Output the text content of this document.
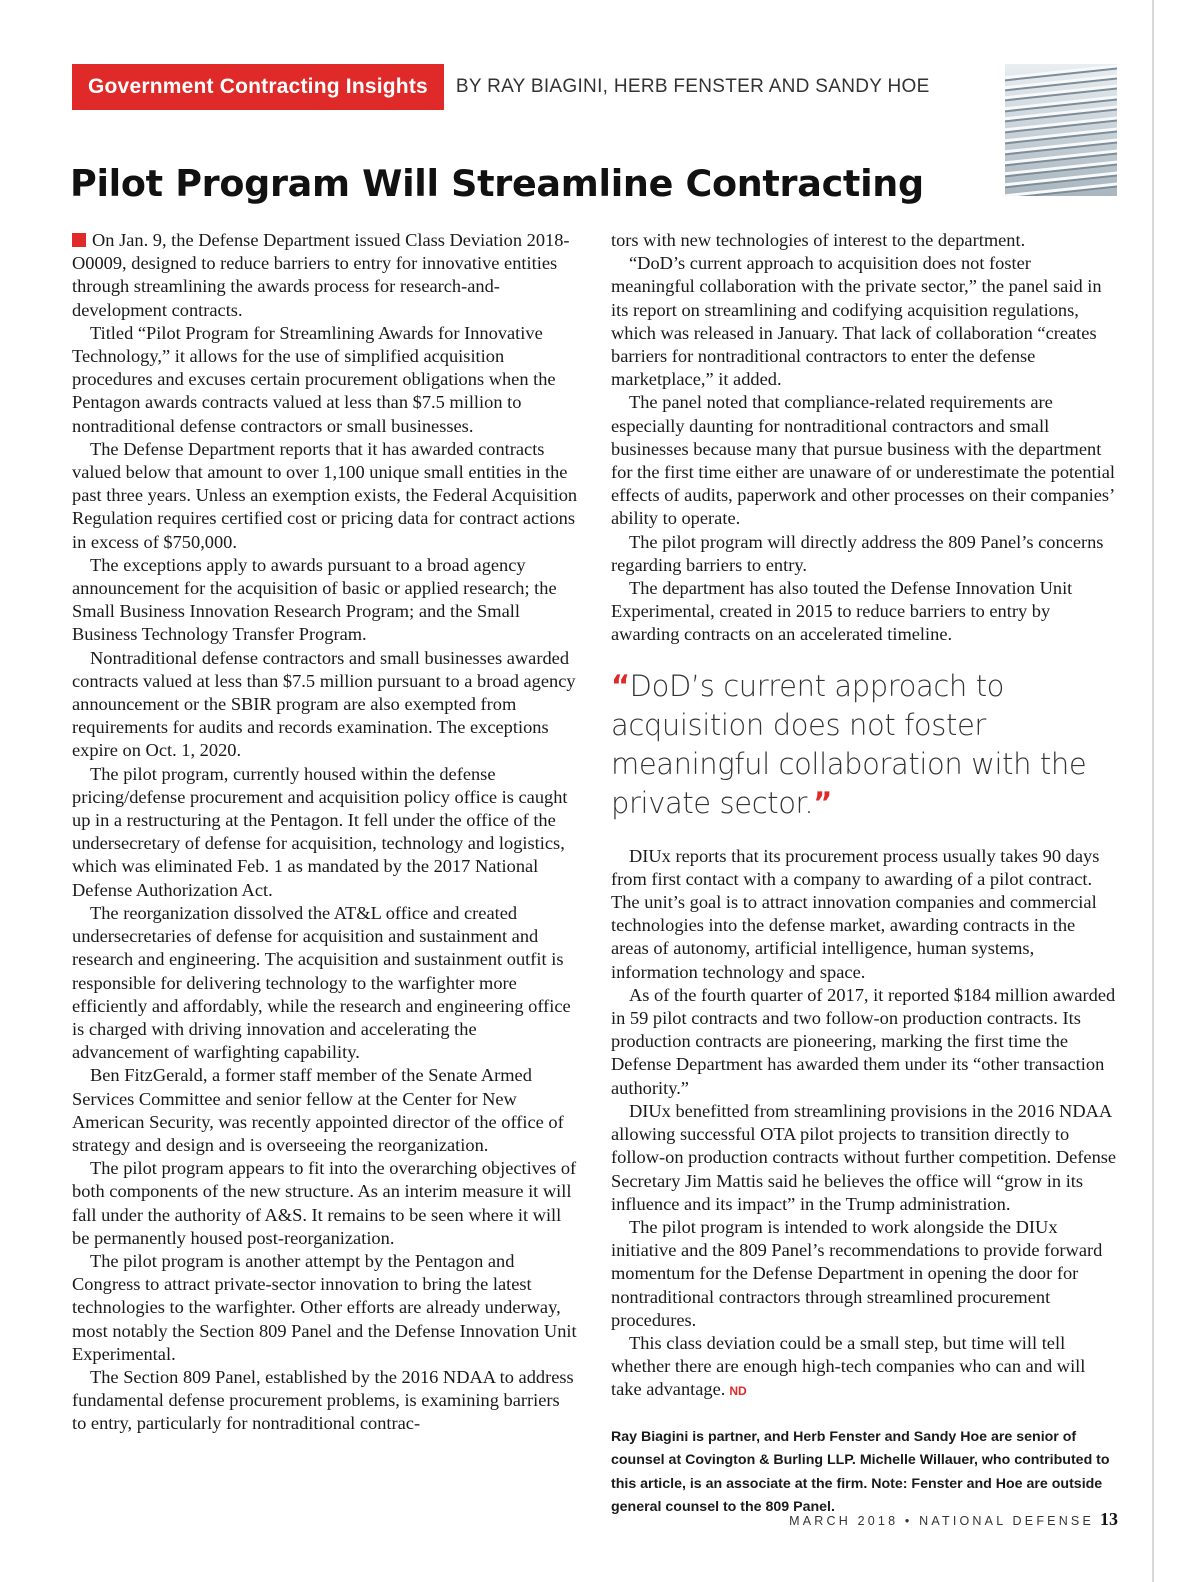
Government Contracting Insights	BY RAY BIAGINI, HERB FENSTER AND SANDY HOE
Pilot Program Will Streamline Contracting

On Jan. 9, the Defense Department issued Class Deviation 2018-O0009, designed to reduce barriers to entry for innovative entities through streamlining the awards process for research-and-development contracts.

Titled “Pilot Program for Streamlining Awards for Innovative Technology,” it allows for the use of simplified acquisition procedures and excuses certain procurement obligations when the Pentagon awards contracts valued at less than $7.5 million to nontraditional defense contractors or small businesses.

The Defense Department reports that it has awarded contracts valued below that amount to over 1,100 unique small entities in the past three years. Unless an exemption exists, the Federal Acquisition Regulation requires certified cost or pricing data for contract actions in excess of $750,000.

The exceptions apply to awards pursuant to a broad agency announcement for the acquisition of basic or applied research; the Small Business Innovation Research Program; and the Small Business Technology Transfer Program.

Nontraditional defense contractors and small businesses awarded contracts valued at less than $7.5 million pursuant to a broad agency announcement or the SBIR program are also exempted from requirements for audits and records examination. The exceptions expire on Oct. 1, 2020.

The pilot program, currently housed within the defense pricing/defense procurement and acquisition policy office is caught up in a restructuring at the Pentagon. It fell under the office of the undersecretary of defense for acquisition, technology and logistics, which was eliminated Feb. 1 as mandated by the 2017 National Defense Authorization Act.

The reorganization dissolved the AT&L office and created undersecretaries of defense for acquisition and sustainment and research and engineering. The acquisition and sustainment outfit is responsible for delivering technology to the warfighter more efficiently and affordably, while the research and engineering office is charged with driving innovation and accelerating the advancement of warfighting capability.

Ben FitzGerald, a former staff member of the Senate Armed Services Committee and senior fellow at the Center for New American Security, was recently appointed director of the office of strategy and design and is overseeing the reorganization.

The pilot program appears to fit into the overarching objectives of both components of the new structure. As an interim measure it will fall under the authority of A&S. It remains to be seen where it will be permanently housed post-reorganization.

The pilot program is another attempt by the Pentagon and Congress to attract private-sector innovation to bring the latest technologies to the warfighter. Other efforts are already underway, most notably the Section 809 Panel and the Defense Innovation Unit Experimental.

The Section 809 Panel, established by the 2016 NDAA to address fundamental defense procurement problems, is examining barriers to entry, particularly for nontraditional contrac-

tors with new technologies of interest to the department.

“DoD’s current approach to acquisition does not foster meaningful collaboration with the private sector,” the panel said in its report on streamlining and codifying acquisition regulations, which was released in January. That lack of collaboration “creates barriers for nontraditional contractors to enter the defense marketplace,” it added.

The panel noted that compliance-related requirements are especially daunting for nontraditional contractors and small businesses because many that pursue business with the department for the first time either are unaware of or underestimate the potential effects of audits, paperwork and other processes on their companies’ ability to operate.

The pilot program will directly address the 809 Panel’s concerns regarding barriers to entry.

The department has also touted the Defense Innovation Unit Experimental, created in 2015 to reduce barriers to entry by awarding contracts on an accelerated timeline.

“DoD’s current approach to acquisition does not foster meaningful collaboration with the private sector.”

DIUx reports that its procurement process usually takes 90 days from first contact with a company to awarding of a pilot contract. The unit’s goal is to attract innovation companies and commercial technologies into the defense market, awarding contracts in the areas of autonomy, artificial intelligence, human systems, information technology and space.

As of the fourth quarter of 2017, it reported $184 million awarded in 59 pilot contracts and two follow-on production contracts. Its production contracts are pioneering, marking the first time the Defense Department has awarded them under its “other transaction authority.”

DIUx benefitted from streamlining provisions in the 2016 NDAA allowing successful OTA pilot projects to transition directly to follow-on production contracts without further competition. Defense Secretary Jim Mattis said he believes the office will “grow in its influence and its impact” in the Trump administration.

The pilot program is intended to work alongside the DIUx initiative and the 809 Panel’s recommendations to provide forward momentum for the Defense Department in opening the door for nontraditional contractors through streamlined procurement procedures.

This class deviation could be a small step, but time will tell whether there are enough high-tech companies who can and will take advantage. ND

Ray Biagini is partner, and Herb Fenster and Sandy Hoe are senior of counsel at Covington & Burling LLP. Michelle Willauer, who contributed to this article, is an associate at the firm. Note: Fenster and Hoe are outside general counsel to the 809 Panel.
MARCH 2018 • NATIONAL DEFENSE 13
